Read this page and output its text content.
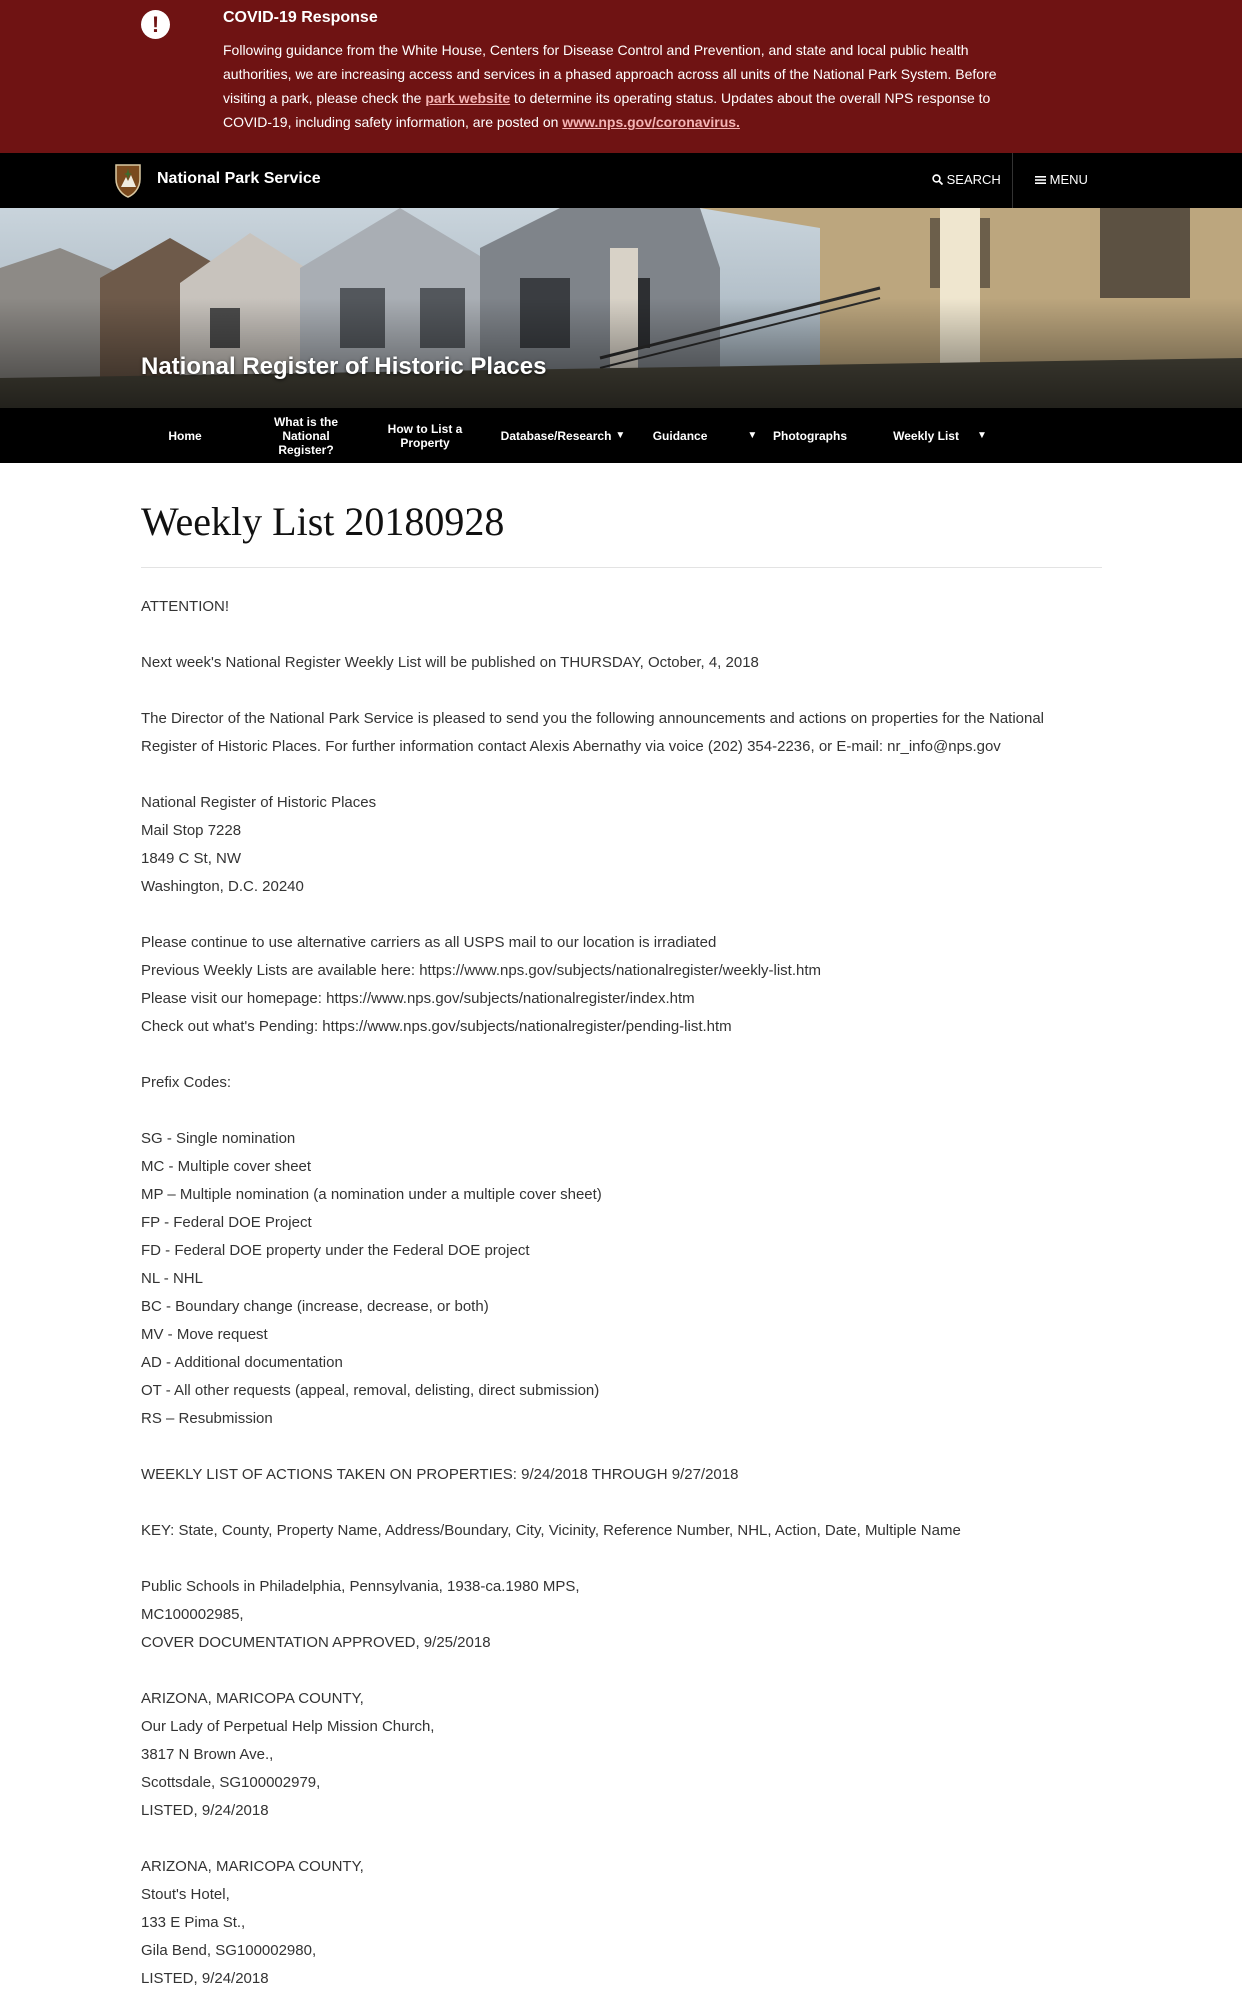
!	COVID-19 Response
Following guidance from the White House, Centers for Disease Control and Prevention, and state and local public health authorities, we are increasing access and services in a phased approach across all units of the National Park System. Before visiting a park, please check the park website to determine its operating status. Updates about the overall NPS response to COVID-19, including safety information, are posted on www.nps.gov/coronavirus.
National Park Service	SEARCH	MENU
National Register of Historic Places
Home
What is the National Register?
How to List a Property	Database/Research ▼ Guidance	▼ Photographs	Weekly List ▼
Weekly List 20180928

ATTENTION!

Next week's National Register Weekly List will be published on THURSDAY, October, 4, 2018

The Director of the National Park Service is pleased to send you the following announcements and actions on properties for the National Register of Historic Places. For further information contact Alexis Abernathy via voice (202) 354-2236, or E-mail: nr_info@nps.gov

National Register of Historic Places

Mail Stop 7228

1849 C St, NW

Washington, D.C. 20240

Please continue to use alternative carriers as all USPS mail to our location is irradiated

Previous Weekly Lists are available here: https://www.nps.gov/subjects/nationalregister/weekly-list.htm

Please visit our homepage: https://www.nps.gov/subjects/nationalregister/index.htm

Check out what's Pending: https://www.nps.gov/subjects/nationalregister/pending-list.htm

Prefix Codes:

SG - Single nomination

MC - Multiple cover sheet

MP – Multiple nomination (a nomination under a multiple cover sheet)

FP - Federal DOE Project

FD - Federal DOE property under the Federal DOE project

NL - NHL

BC - Boundary change (increase, decrease, or both)

MV - Move request

AD - Additional documentation

OT - All other requests (appeal, removal, delisting, direct submission)

RS – Resubmission

WEEKLY LIST OF ACTIONS TAKEN ON PROPERTIES: 9/24/2018 THROUGH 9/27/2018

KEY: State, County, Property Name, Address/Boundary, City, Vicinity, Reference Number, NHL, Action, Date, Multiple Name

Public Schools in Philadelphia, Pennsylvania, 1938-ca.1980 MPS,

MC100002985,

COVER DOCUMENTATION APPROVED, 9/25/2018

ARIZONA, MARICOPA COUNTY,

Our Lady of Perpetual Help Mission Church,

3817 N Brown Ave.,

Scottsdale, SG100002979,

LISTED, 9/24/2018

ARIZONA, MARICOPA COUNTY,

Stout's Hotel,

133 E Pima St.,

Gila Bend, SG100002980,

LISTED, 9/24/2018
